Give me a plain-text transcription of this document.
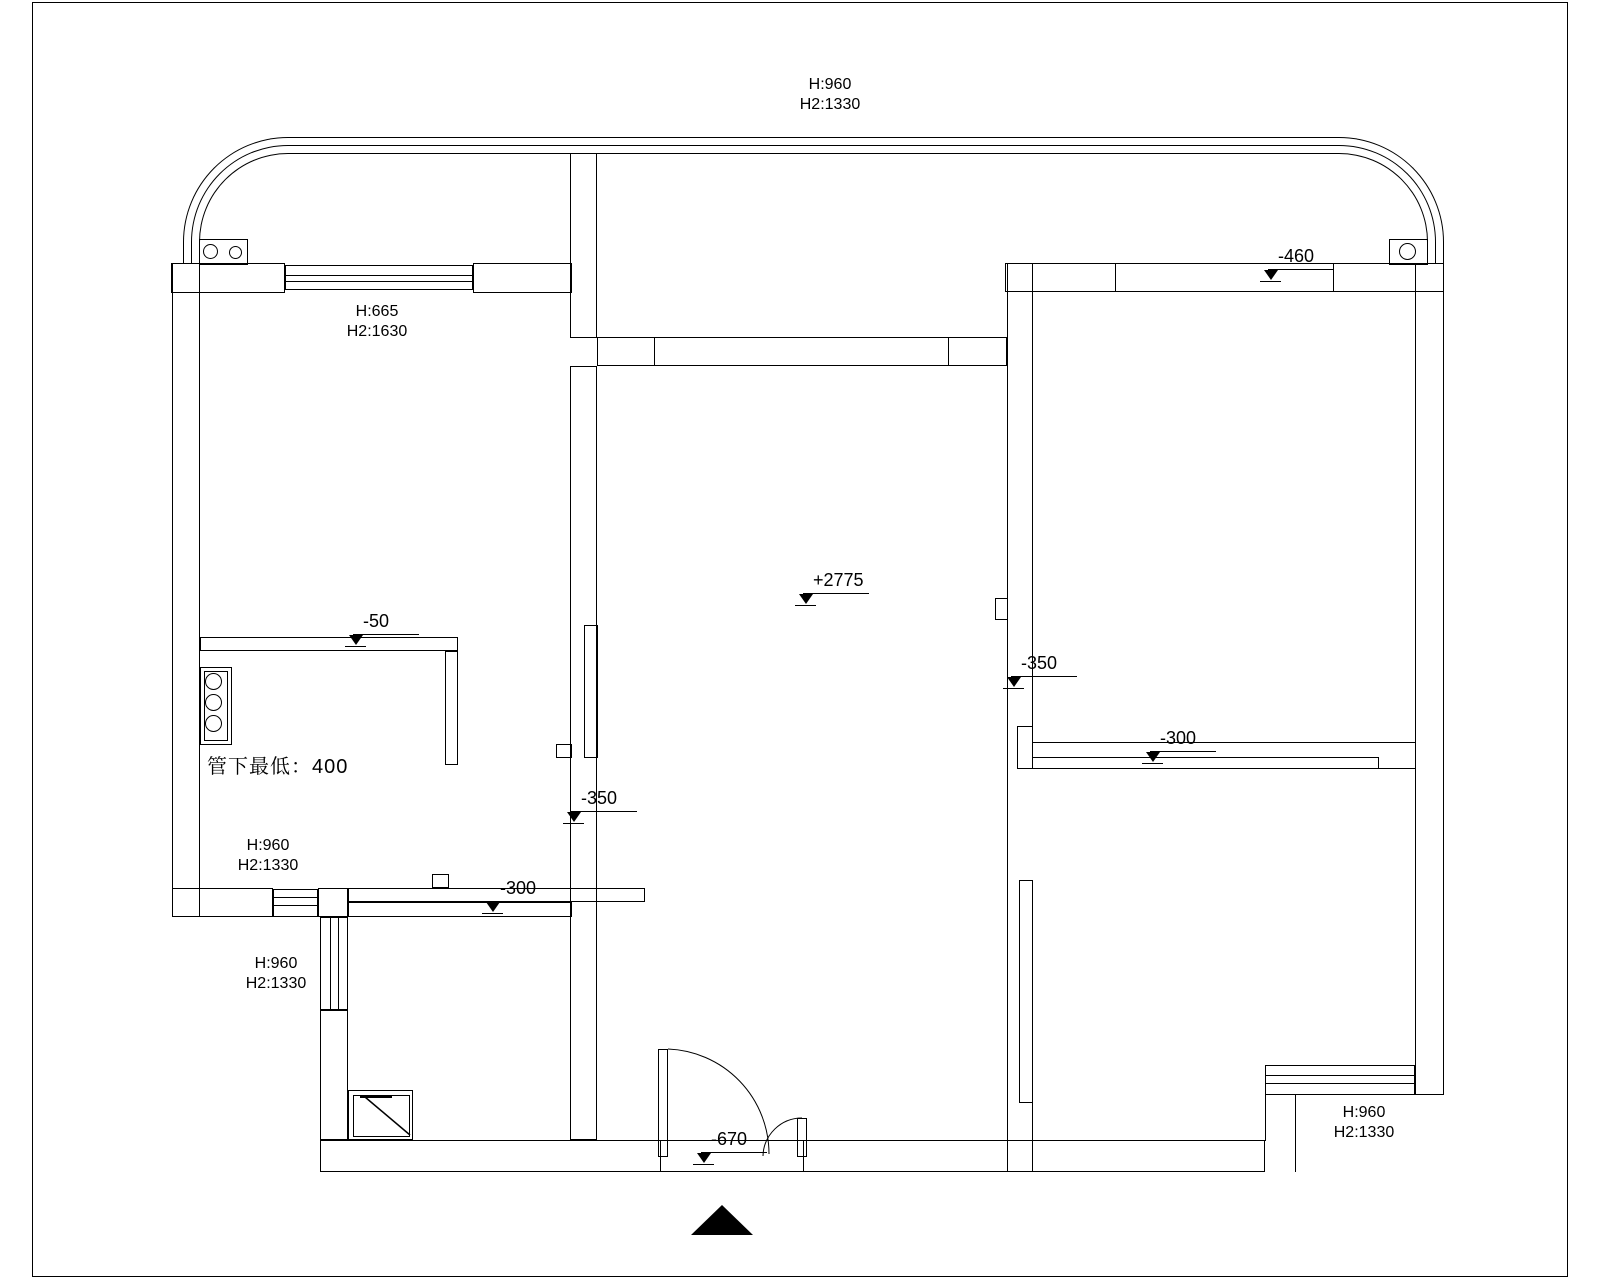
H:960
H2:1330
H:665
H2:1630
H:960
H2:1330
H:960
H2:1330
H:960
H2:1330
管下最低：400
-460
-50
+2775
-350
-300
-350
-300
-670
